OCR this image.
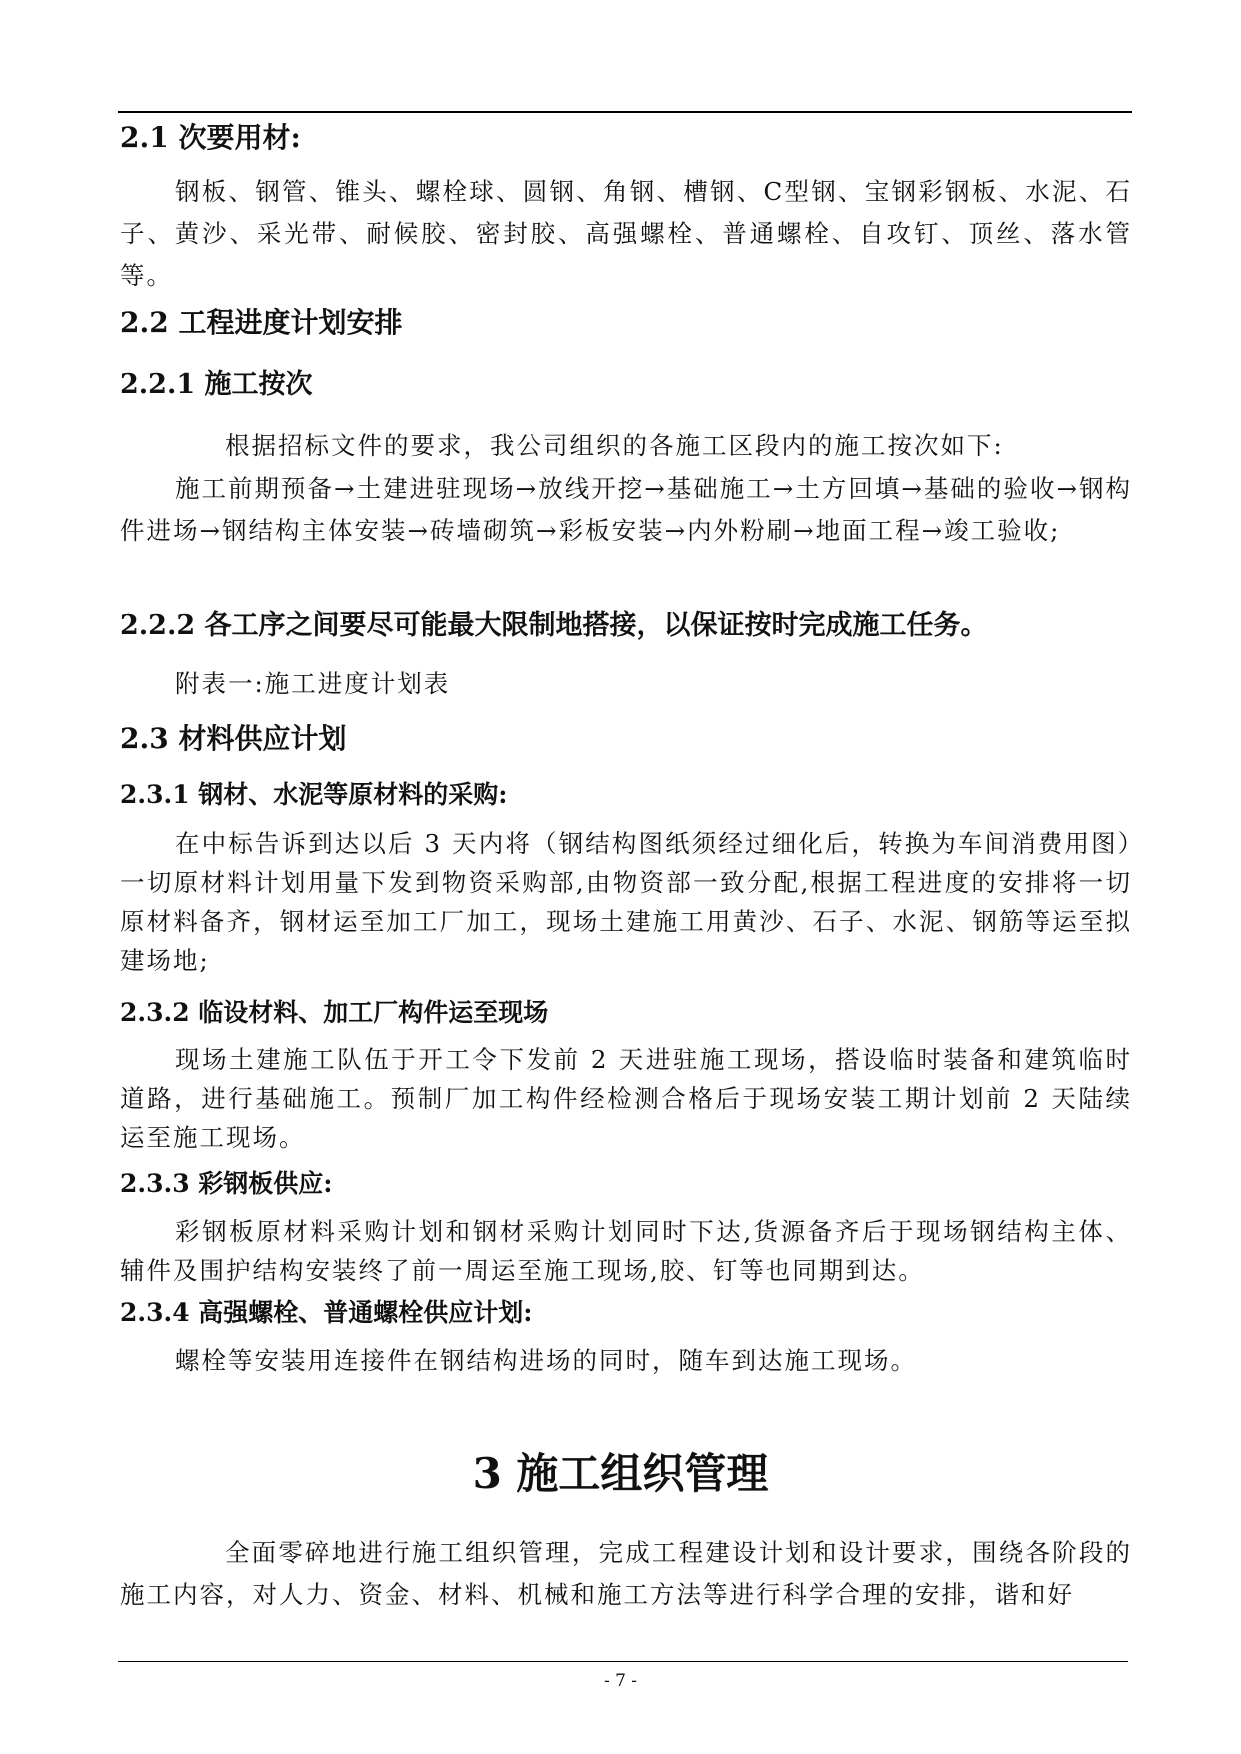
2.1 次要用材:
钢板、钢管、锥头、螺栓球、圆钢、角钢、槽钢、C型钢、宝钢彩钢板、水泥、石子、黄沙、采光带、耐候胶、密封胶、高强螺栓、普通螺栓、自攻钉、顶丝、落水管等。
2.2 工程进度计划安排
2.2.1 施工按次
根据招标文件的要求，我公司组织的各施工区段内的施工按次如下:
施工前期预备→土建进驻现场→放线开挖→基础施工→土方回填→基础的验收→钢构件进场→钢结构主体安装→砖墙砌筑→彩板安装→内外粉刷→地面工程→竣工验收;
2.2.2 各工序之间要尽可能最大限制地搭接，以保证按时完成施工任务。
附表一:施工进度计划表
2.3 材料供应计划
2.3.1 钢材、水泥等原材料的采购:
在中标告诉到达以后 3 天内将（钢结构图纸须经过细化后，转换为车间消费用图）一切原材料计划用量下发到物资采购部,由物资部一致分配,根据工程进度的安排将一切原材料备齐，钢材运至加工厂加工，现场土建施工用黄沙、石子、水泥、钢筋等运至拟建场地;
2.3.2 临设材料、加工厂构件运至现场
现场土建施工队伍于开工令下发前 2 天进驻施工现场，搭设临时装备和建筑临时道路，进行基础施工。预制厂加工构件经检测合格后于现场安装工期计划前 2 天陆续运至施工现场。
2.3.3 彩钢板供应:
彩钢板原材料采购计划和钢材采购计划同时下达,货源备齐后于现场钢结构主体、辅件及围护结构安装终了前一周运至施工现场,胶、钉等也同期到达。
2.3.4 高强螺栓、普通螺栓供应计划:
螺栓等安装用连接件在钢结构进场的同时，随车到达施工现场。
3 施工组织管理
全面零碎地进行施工组织管理，完成工程建设计划和设计要求，围绕各阶段的施工内容，对人力、资金、材料、机械和施工方法等进行科学合理的安排，谐和好
- 7 -
